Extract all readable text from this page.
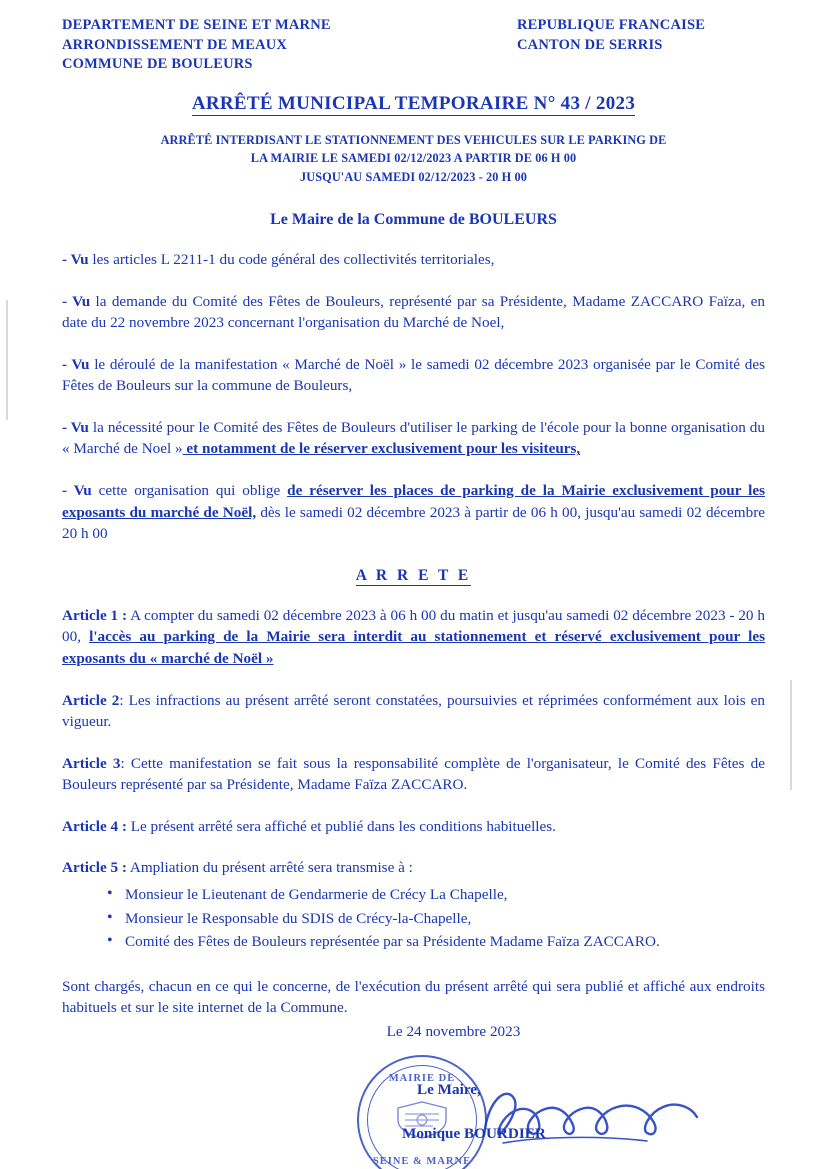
DEPARTEMENT DE SEINE ET MARNE
ARRONDISSEMENT DE MEAUX
COMMUNE DE BOULEURS
REPUBLIQUE FRANCAISE
CANTON DE SERRIS
ARRÊTÉ MUNICIPAL TEMPORAIRE N° 43 / 2023
ARRÊTÉ INTERDISANT LE STATIONNEMENT DES VEHICULES SUR LE PARKING DE
LA MAIRIE LE SAMEDI 02/12/2023 A PARTIR DE 06 H 00
JUSQU'AU SAMEDI 02/12/2023 - 20 H 00
Le Maire de la Commune de BOULEURS

- Vu les articles L 2211-1 du code général des collectivités territoriales,

- Vu la demande du Comité des Fêtes de Bouleurs, représenté par sa Présidente, Madame ZACCARO Faïza, en date du 22 novembre 2023 concernant l'organisation du Marché de Noel,

- Vu le déroulé de la manifestation « Marché de Noël » le samedi 02 décembre 2023 organisée par le Comité des Fêtes de Bouleurs sur la commune de Bouleurs,

- Vu la nécessité pour le Comité des Fêtes de Bouleurs d'utiliser le parking de l'école pour la bonne organisation du « Marché de Noel » et notamment de le réserver exclusivement pour les visiteurs,

- Vu cette organisation qui oblige de réserver les places de parking de la Mairie exclusivement pour les exposants du marché de Noël, dès le samedi 02 décembre 2023 à partir de 06 h 00, jusqu'au samedi 02 décembre 20 h 00

A R R E T E

Article 1 : A compter du samedi 02 décembre 2023 à 06 h 00 du matin et jusqu'au samedi 02 décembre 2023 - 20 h 00, l'accès au parking de la Mairie sera interdit au stationnement et réservé exclusivement pour les exposants du « marché de Noël »

Article 2: Les infractions au présent arrêté seront constatées, poursuivies et réprimées conformément aux lois en vigueur.

Article 3: Cette manifestation se fait sous la responsabilité complète de l'organisateur, le Comité des Fêtes de Bouleurs représenté par sa Présidente, Madame Faïza ZACCARO.

Article 4 : Le présent arrêté sera affiché et publié dans les conditions habituelles.

Article 5 : Ampliation du présent arrêté sera transmise à :

• Monsieur le Lieutenant de Gendarmerie de Crécy La Chapelle,
• Monsieur le Responsable du SDIS de Crécy-la-Chapelle,
• Comité des Fêtes de Bouleurs représentée par sa Présidente Madame Faïza ZACCARO.
Sont chargés, chacun en ce qui le concerne, de l'exécution du présent arrêté qui sera publié et affiché aux endroits habituels et sur le site internet de la Commune.
Le 24 novembre 2023
MAIRIE DE
SEINE & MARNE
Le Maire,
Monique BOURDIER
